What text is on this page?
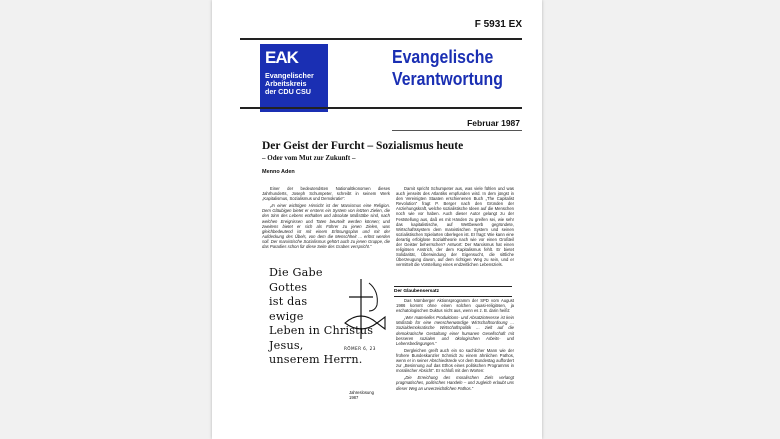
F 5931 EX
EAK
Evangelischer
Arbeitskreis
der CDU CSU
Evangelische
Verantwortung
Februar 1987
Der Geist der Furcht – Sozialismus heute
– Oder vom Mut zur Zukunft –
Menno Aden

Einer der bedeutendsten Nationalökonomen dieses Jahrhunderts, Joseph Schumpeter, schreibt in seinem Werk „Kapitalismus, Sozialismus und Demokratie“:

„In einer wichtigen Hinsicht ist der Marxismus eine Religion. Dem Gläubigen bietet er erstens ein System von letzten Zielen, die den Sinn des Lebens enthalten und absolute Maßstäbe sind, nach welchen Ereignissen und Taten beurteilt werden können; und zweitens bietet er sich als Führer zu jenen Zielen, was gleichbedeutend ist mit einem Erlösungsplan und mit der Aufdeckung des Übels, von dem die Menschheit ... erlöst werden soll. Der marxistische Sozialismus gehört auch zu jenen Gruppe, die das Paradies schon für diese Seite des Grabes verspricht.“

Damit spricht Schumpeter aus, was viele fühlen und was auch jenseits des Atlantiks empfunden wird. In dem jüngst in den Vereinigten Staaten erschienenen Buch „The Capitalist Revolution“ fragt P. Berger nach den Gründen der Anziehungskraft, welche sozialistische Ideen auf die Menschen noch wie vor haben. Auch dieser Autor gelangt zu der Feststellung aus, daß es mit Händen zu greifen sei, wie sehr das kapitalistische, auf Wettbewerb gegründete, Wirtschaftssystem dem marxistischen System und seinen sozialistischen Spielarten überlegen ist. Er fragt: Wie kann eine derartig erfolglose Sozialtheorie nach wie vor einen Großteil der Geister beherrschen? Antwort: Der Marxismus hat einen religiösen Anstrich, der dem Kapitalismus fehlt. Er bietet Solidarität, Überwindung der Eigensucht, die sittliche Überzeugung davon, auf dem richtigen Weg zu sein, und er vermittelt die Vorstellung eines endzeitlichen Lebensziels.

Die Gabe
Gottes
ist das
ewige
Leben in Christus
Jesus,
unserem Herrn.
RÖMER 6, 23
Jahreslosung 1987
Der Glaubensersatz

Das Nürnberger Aktionsprogramm der SPD vom August 1986 kommt ohne einen solchen quasi-religiösen, ja eschatologischen Duktus nicht aus, wenn es z. B. darin heißt:

„Wer materielles Produktions- und Absatzinteresse ist kein Maßstab für eine menschenwürdige Wirtschaftsordnung ... Sozialdemokratische Wirtschaftspolitik ... zielt auf die demokratische Gestaltung einer humanen Gesellschaft mit besseren sozialen und ökologischen Arbeits- und Lebensbedingungen.“

Dergleichen greift auch ein so sachlicher Mann wie der frühere Bundeskanzler Schmidt zu einem ähnlichen Pathos, wenn er in seiner Abschiedsrede vor dem Bundestag auffordert zur „Besinnung auf das Ethos eines politischen Programms in moralischer Absicht“. Er schloß mit den Worten:

„Die Erreichung des moralischen Ziels verlangt pragmatisches, politisches Handeln – und zugleich erlaubt uns dieser Weg an unverzeichtlichen Pathos.“
